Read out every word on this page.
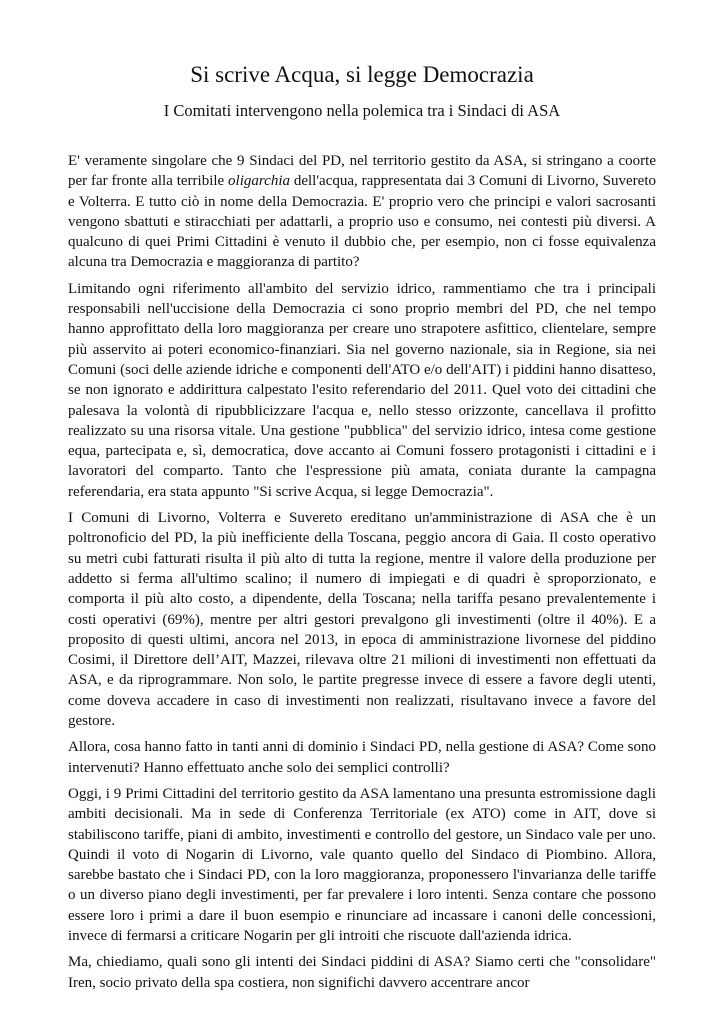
Si scrive Acqua, si legge Democrazia
I Comitati intervengono nella polemica tra i Sindaci di ASA

E' veramente singolare che 9 Sindaci del PD, nel territorio gestito da ASA, si stringano a coorte per far fronte alla terribile oligarchia dell'acqua, rappresentata dai 3 Comuni di Livorno, Suvereto e Volterra. E tutto ciò in nome della Democrazia. E' proprio vero che principi e valori sacrosanti vengono sbattuti e stiracchiati per adattarli, a proprio uso e consumo, nei contesti più diversi. A qualcuno di quei Primi Cittadini è venuto il dubbio che, per esempio, non ci fosse equivalenza alcuna tra Democrazia e maggioranza di partito?

Limitando ogni riferimento all'ambito del servizio idrico, rammentiamo che tra i principali responsabili nell'uccisione della Democrazia ci sono proprio membri del PD, che nel tempo hanno approfittato della loro maggioranza per creare uno strapotere asfittico, clientelare, sempre più asservito ai poteri economico-finanziari. Sia nel governo nazionale, sia in Regione, sia nei Comuni (soci delle aziende idriche e componenti dell'ATO e/o dell'AIT) i piddini hanno disatteso, se non ignorato e addirittura calpestato l'esito referendario del 2011. Quel voto dei cittadini che palesava la volontà di ripubblicizzare l'acqua e, nello stesso orizzonte, cancellava il profitto realizzato su una risorsa vitale. Una gestione "pubblica" del servizio idrico, intesa come gestione equa, partecipata e, sì, democratica, dove accanto ai Comuni fossero protagonisti i cittadini e i lavoratori del comparto. Tanto che l'espressione più amata, coniata durante la campagna referendaria, era stata appunto "Si scrive Acqua, si legge Democrazia".

I Comuni di Livorno, Volterra e Suvereto ereditano un'amministrazione di ASA che è un poltronoficio del PD, la più inefficiente della Toscana, peggio ancora di Gaia. Il costo operativo su metri cubi fatturati risulta il più alto di tutta la regione, mentre il valore della produzione per addetto si ferma all'ultimo scalino; il numero di impiegati e di quadri è sproporzionato, e comporta il più alto costo, a dipendente, della Toscana; nella tariffa pesano prevalentemente i costi operativi (69%), mentre per altri gestori prevalgono gli investimenti (oltre il 40%). E a proposito di questi ultimi, ancora nel 2013, in epoca di amministrazione livornese del piddino Cosimi, il Direttore dell’AIT, Mazzei, rilevava oltre 21 milioni di investimenti non effettuati da ASA, e da riprogrammare. Non solo, le partite pregresse invece di essere a favore degli utenti, come doveva accadere in caso di investimenti non realizzati, risultavano invece a favore del gestore.

Allora, cosa hanno fatto in tanti anni di dominio i Sindaci PD, nella gestione di ASA? Come sono intervenuti? Hanno effettuato anche solo dei semplici controlli?

Oggi, i 9 Primi Cittadini del territorio gestito da ASA lamentano una presunta estromissione dagli ambiti decisionali. Ma in sede di Conferenza Territoriale (ex ATO) come in AIT, dove si stabiliscono tariffe, piani di ambito, investimenti e controllo del gestore, un Sindaco vale per uno. Quindi il voto di Nogarin di Livorno, vale quanto quello del Sindaco di Piombino. Allora, sarebbe bastato che i Sindaci PD, con la loro maggioranza, proponessero l'invarianza delle tariffe o un diverso piano degli investimenti, per far prevalere i loro intenti. Senza contare che possono essere loro i primi a dare il buon esempio e rinunciare ad incassare i canoni delle concessioni, invece di fermarsi a criticare Nogarin per gli introiti che riscuote dall'azienda idrica.

Ma, chiediamo, quali sono gli intenti dei Sindaci piddini di ASA? Siamo certi che "consolidare" Iren, socio privato della spa costiera, non significhi davvero accentrare ancor
